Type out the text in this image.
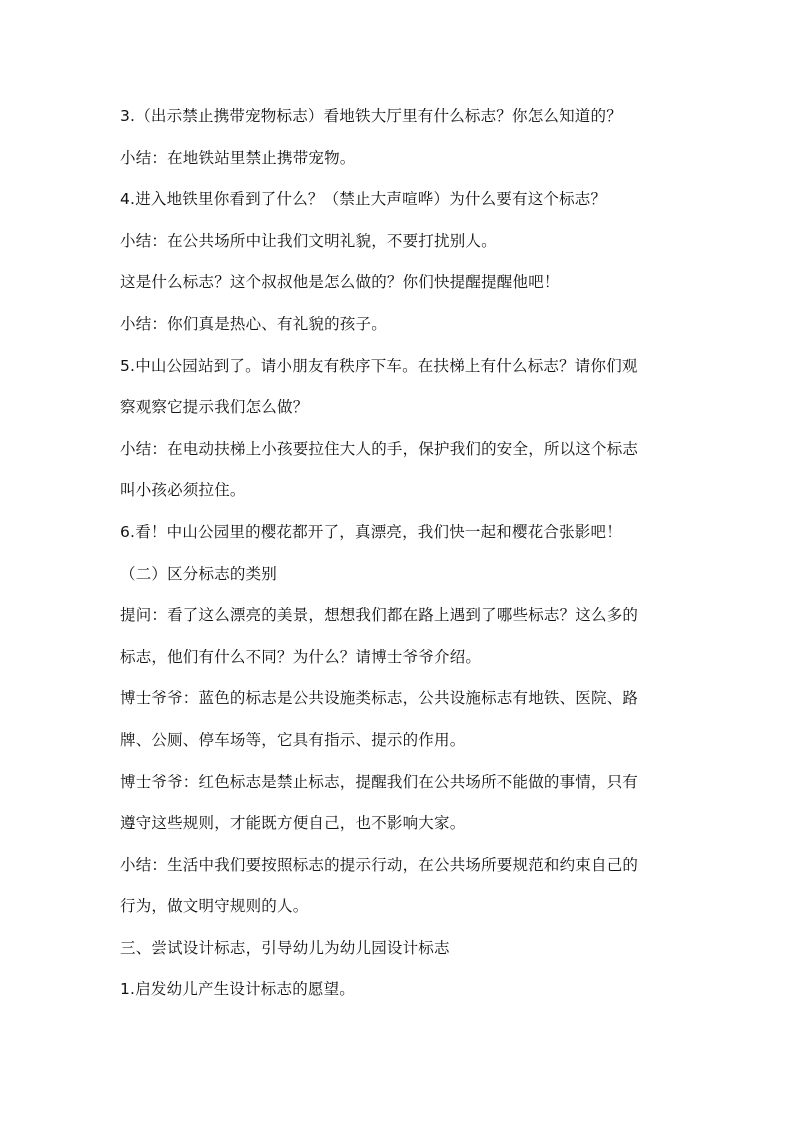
3.（出示禁止携带宠物标志）看地铁大厅里有什么标志？你怎么知道的？
小结：在地铁站里禁止携带宠物。
4.进入地铁里你看到了什么？（禁止大声喧哗）为什么要有这个标志？
小结：在公共场所中让我们文明礼貌，不要打扰别人。
这是什么标志？这个叔叔他是怎么做的？你们快提醒提醒他吧！
小结：你们真是热心、有礼貌的孩子。
5.中山公园站到了。请小朋友有秩序下车。在扶梯上有什么标志？请你们观
察观察它提示我们怎么做？
小结：在电动扶梯上小孩要拉住大人的手，保护我们的安全，所以这个标志
叫小孩必须拉住。
6.看！中山公园里的樱花都开了，真漂亮，我们快一起和樱花合张影吧！
（二）区分标志的类别
提问：看了这么漂亮的美景，想想我们都在路上遇到了哪些标志？这么多的
标志，他们有什么不同？为什么？请博士爷爷介绍。
博士爷爷：蓝色的标志是公共设施类标志，公共设施标志有地铁、医院、路
牌、公厕、停车场等，它具有指示、提示的作用。
博士爷爷：红色标志是禁止标志，提醒我们在公共场所不能做的事情，只有
遵守这些规则，才能既方便自己，也不影响大家。
小结：生活中我们要按照标志的提示行动，在公共场所要规范和约束自己的
行为，做文明守规则的人。
三、尝试设计标志，引导幼儿为幼儿园设计标志
1.启发幼儿产生设计标志的愿望。
